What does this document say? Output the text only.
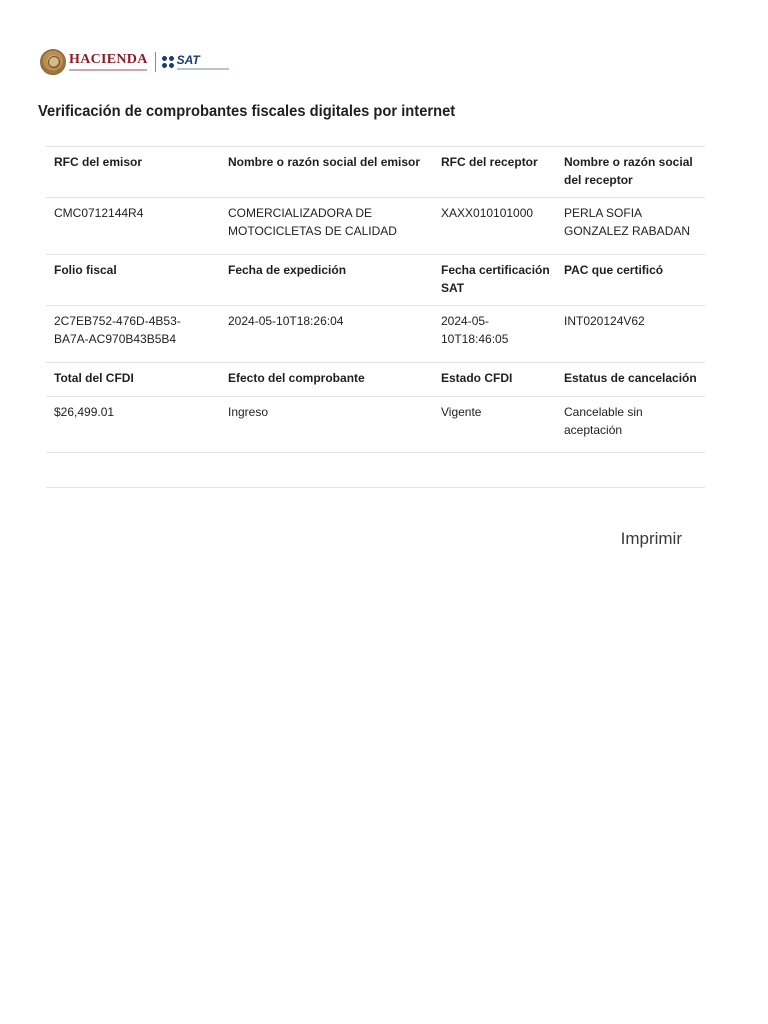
HACIENDA SAT
Verificación de comprobantes fiscales digitales por internet
RFC del emisor	Nombre o razón social del emisor	RFC del receptor	Nombre o razón social del receptor
CMC0712144R4	COMERCIALIZADORA DE MOTOCICLETAS DE CALIDAD	XAXX010101000	PERLA SOFIA GONZALEZ RABADAN
Folio fiscal	Fecha de expedición	Fecha certificación SAT	PAC que certificó
2C7EB752-476D-4B53-BA7A-AC970B43B5B4	2024-05-10T18:26:04	2024-05-10T18:46:05	INT020124V62
Total del CFDI	Efecto del comprobante	Estado CFDI	Estatus de cancelación
$26,499.01	Ingreso	Vigente	Cancelable sin aceptación

Imprimir
